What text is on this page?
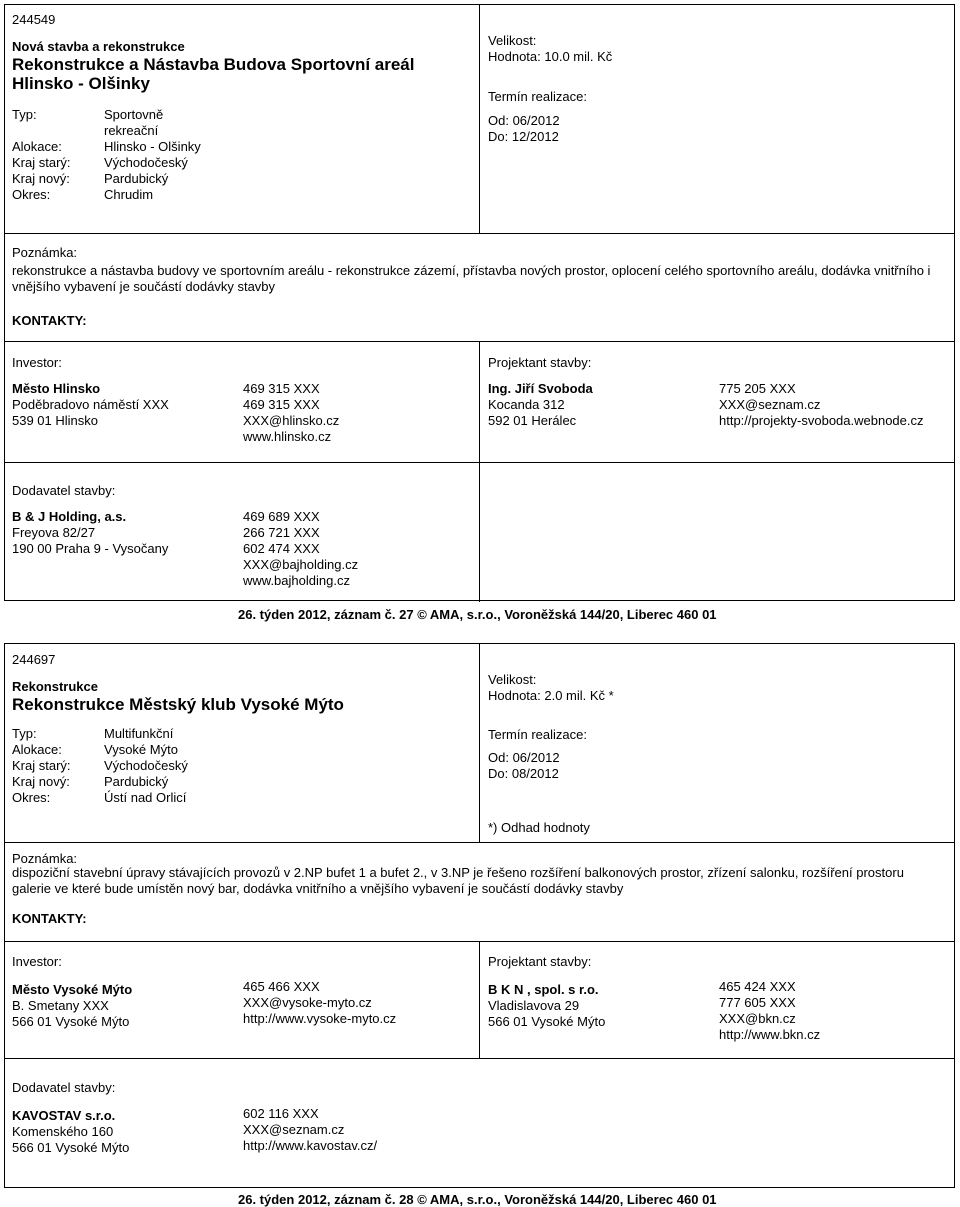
244549
Nová stavba a rekonstrukce
Rekonstrukce a Nástavba Budova Sportovní areál
Hlinsko - Olšinky
Typ:

Alokace:
Kraj starý:
Kraj nový:
Okres:
Sportovně
rekreační
Hlinsko - Olšinky
Východočeský
Pardubický
Chrudim
Velikost:
Hodnota: 10.0 mil. Kč
Termín realizace:
Od: 06/2012
Do: 12/2012
Poznámka:
rekonstrukce a nástavba budovy ve sportovním areálu - rekonstrukce zázemí, přístavba nových prostor, oplocení celého sportovního areálu, dodávka vnitřního i vnějšího vybavení je součástí dodávky stavby
KONTAKTY:
Investor:
Město Hlinsko
Poděbradovo náměstí XXX
539 01 Hlinsko
469 315 XXX
469 315 XXX
XXX@hlinsko.cz
www.hlinsko.cz
Projektant stavby:
Ing. Jiří Svoboda
Kocanda 312
592 01 Herálec
775 205 XXX
XXX@seznam.cz
http://projekty-svoboda.webnode.cz
Dodavatel stavby:
B & J Holding, a.s.
Freyova 82/27
190 00 Praha 9 - Vysočany
469 689 XXX
266 721 XXX
602 474 XXX
XXX@bajholding.cz
www.bajholding.cz
26. týden 2012, záznam č. 27 © AMA, s.r.o., Voroněžská 144/20, Liberec 460 01
244697
Rekonstrukce
Rekonstrukce Městský klub Vysoké Mýto
Typ:
Alokace:
Kraj starý:
Kraj nový:
Okres:
Multifunkční
Vysoké Mýto
Východočeský
Pardubický
Ústí nad Orlicí
Velikost:
Hodnota: 2.0 mil. Kč *
Termín realizace:
Od: 06/2012
Do: 08/2012
*) Odhad hodnoty
Poznámka:
dispoziční stavební úpravy stávajících provozů v 2.NP bufet 1 a bufet 2., v 3.NP je řešeno rozšíření balkonových prostor, zřízení salonku, rozšíření prostoru galerie ve které bude umístěn nový bar, dodávka vnitřního a vnějšího vybavení je součástí dodávky stavby
KONTAKTY:
Investor:
Město Vysoké Mýto
B. Smetany XXX
566 01 Vysoké Mýto
465 466 XXX
XXX@vysoke-myto.cz
http://www.vysoke-myto.cz
Projektant stavby:
B K N , spol. s r.o.
Vladislavova 29
566 01 Vysoké Mýto
465 424 XXX
777 605 XXX
XXX@bkn.cz
http://www.bkn.cz
Dodavatel stavby:
KAVOSTAV s.r.o.
Komenského 160
566 01 Vysoké Mýto
602 116 XXX
XXX@seznam.cz
http://www.kavostav.cz/
26. týden 2012, záznam č. 28 © AMA, s.r.o., Voroněžská 144/20, Liberec 460 01
